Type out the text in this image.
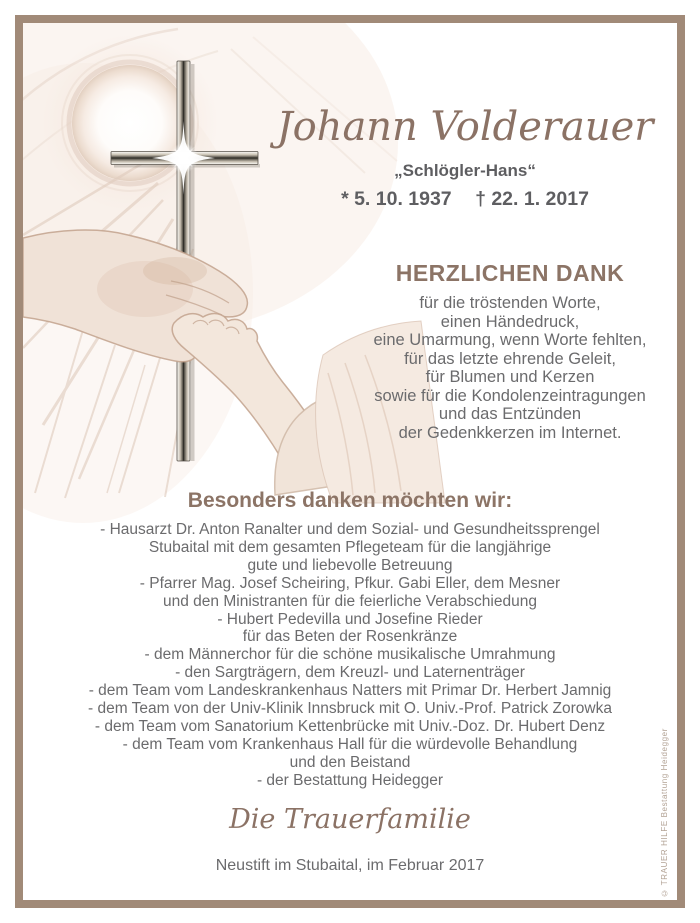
Johann Volderauer
„Schlögler-Hans“
* 5. 10. 1937 † 22. 1. 2017
HERZLICHEN DANK
für die tröstenden Worte,
einen Händedruck,
eine Umarmung, wenn Worte fehlten,
für das letzte ehrende Geleit,
für Blumen und Kerzen
sowie für die Kondolenzeintragungen
und das Entzünden
der Gedenkkerzen im Internet.
Besonders danken möchten wir:
- Hausarzt Dr. Anton Ranalter und dem Sozial- und Gesundheitssprengel
Stubaital mit dem gesamten Pflegeteam für die langjährige
gute und liebevolle Betreuung
- Pfarrer Mag. Josef Scheiring, Pfkur. Gabi Eller, dem Mesner
und den Ministranten für die feierliche Verabschiedung
- Hubert Pedevilla und Josefine Rieder
für das Beten der Rosenkränze
- dem Männerchor für die schöne musikalische Umrahmung
- den Sargträgern, dem Kreuzl- und Laternenträger
- dem Team vom Landeskrankenhaus Natters mit Primar Dr. Herbert Jamnig
- dem Team von der Univ-Klinik Innsbruck mit O. Univ.-Prof. Patrick Zorowka
- dem Team vom Sanatorium Kettenbrücke mit Univ.-Doz. Dr. Hubert Denz
- dem Team vom Krankenhaus Hall für die würdevolle Behandlung
und den Beistand
- der Bestattung Heidegger
Die Trauerfamilie
Neustift im Stubaital, im Februar 2017	© TRAUER HILFE Bestattung Heidegger
